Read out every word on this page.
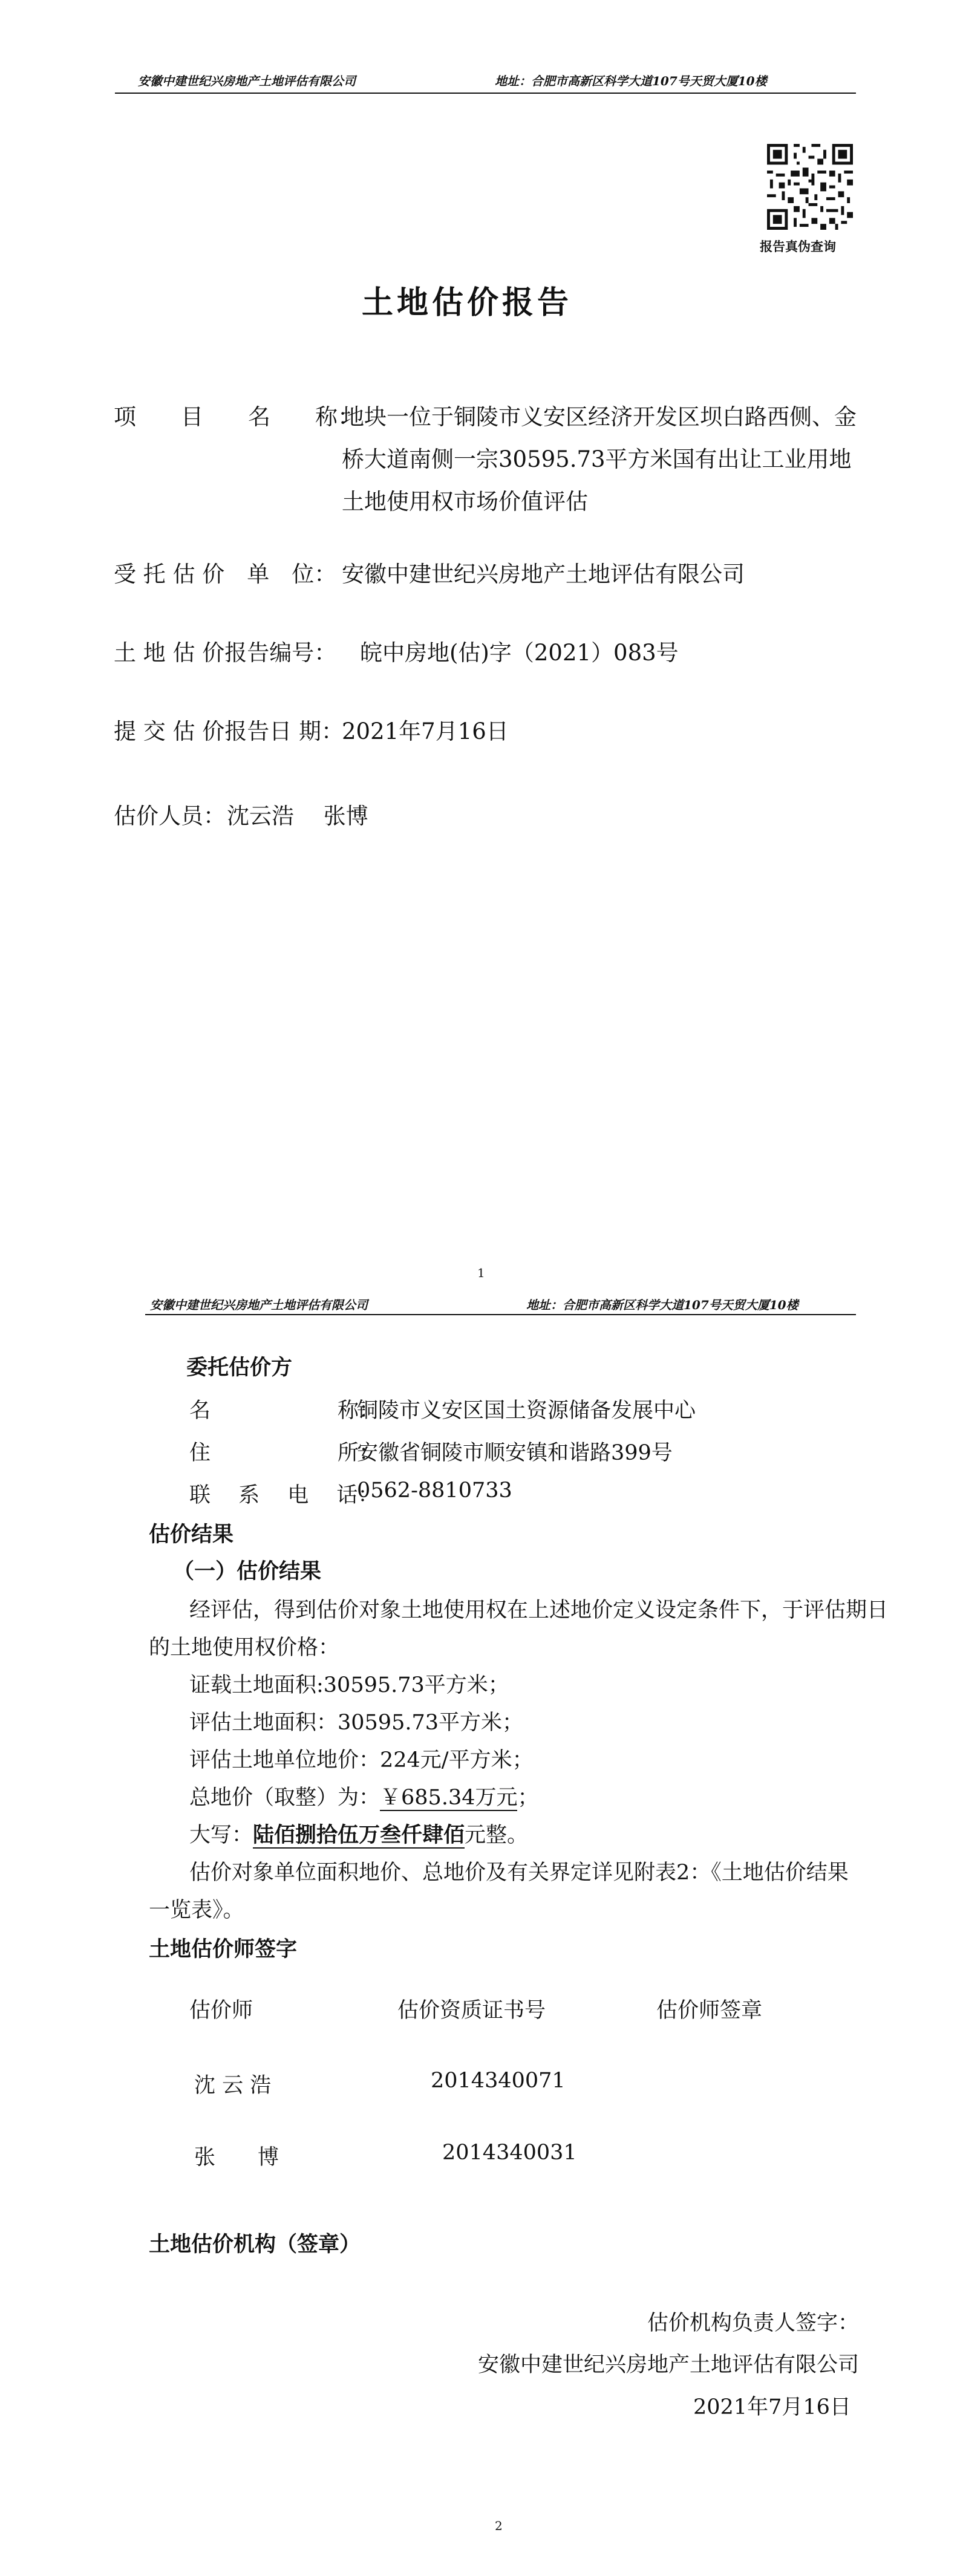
安徽中建世纪兴房地产土地评估有限公司	地址：合肥市高新区科学大道107号天贸大厦10楼
报告真伪查询
土地估价报告
项　　目　　名　　称：
地块一位于铜陵市义安区经济开发区坝白路西侧、金
桥大道南侧一宗30595.73平方米国有出让工业用地
土地使用权市场价值评估
受 托 估 价　单　位： 安徽中建世纪兴房地产土地评估有限公司
土 地 估 价报告编号： 皖中房地(估)字（2021）083号
提 交 估 价报告日 期：
2021年7月16日
估价人员： 沈云浩　 张博
1
安徽中建世纪兴房地产土地评估有限公司	地址：合肥市高新区科学大道107号天贸大厦10楼
委托估价方
名　　　　　　称：
铜陵市义安区国土资源储备发展中心
住　　　　　　所：
安徽省铜陵市顺安镇和谐路399号
联　 系　 电　 话：
0562-8810733
估价结果
（一）估价结果
经评估，得到估价对象土地使用权在上述地价定义设定条件下，于评估期日
的土地使用权价格：
证载土地面积:30595.73平方米；
评估土地面积：30595.73平方米；
评估土地单位地价：224元/平方米；
总地价（取整）为：￥685.34万元；
大写：陆佰捌拾伍万叁仟肆佰元整。
估价对象单位面积地价、总地价及有关界定详见附表2：《土地估价结果
一览表》。
土地估价师签字
估价师	估价资质证书号	估价师签章
沈 云 浩	2014340071
张　　博	2014340031
土地估价机构（签章）
估价机构负责人签字：
安徽中建世纪兴房地产土地评估有限公司
2021年7月16日
2
